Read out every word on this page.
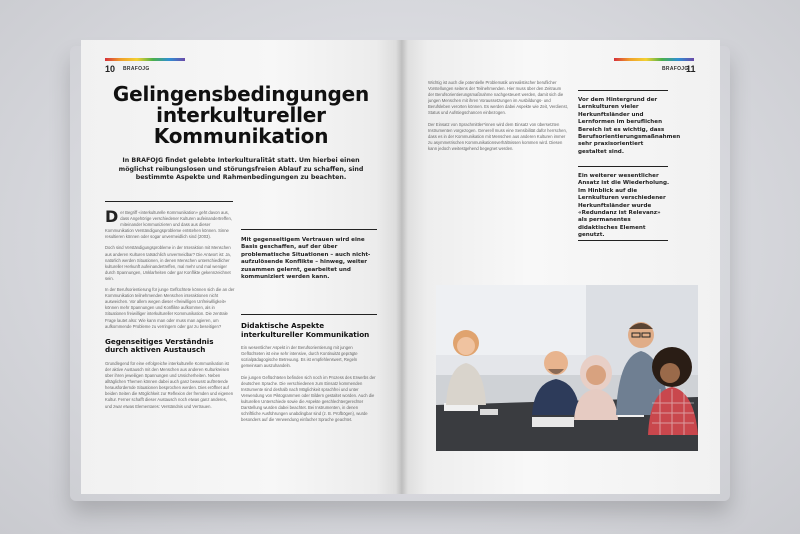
10 BRAFOJG
Gelingensbedingungen interkultureller Kommunikation
In BRAFOJG findet gelebte Interkulturalität statt. Um hierbei einen möglichst reibungslosen und störungsfreien Ablauf zu schaffen, sind bestimmte Aspekte und Rahmenbedingungen zu beachten.

Der Begriff «interkulturelle Kommunikation» geht davon aus, dass Angehörige verschiedener Kulturen aufeinandertreffen, miteinander kommunizieren und dass aus dieser Kommunikation Verständigungsprobleme entstehen können. Sinne resultieren können oder sogar unvermeidlich sind (2003).

Doch sind Verständigungsprobleme in der Interaktion mit Menschen aus anderen Kulturen tatsächlich unvermeidbar? Die Antwort ist: Ja, natürlich werden Situationen, in denen Menschen unterschiedlicher kultureller Herkunft aufeinandertreffen, mal mehr und mal weniger durch Spannungen, Unklarheiten oder gar Konflikte gekennzeichnet sein.

In der Berufsorientierung für junge Geflüchtete können sich die an der Kommunikation teilnehmenden Menschen interaktionen nicht ausweichen. Vor allem wegen dieser «freiwilligen Unfreiwilligkeit» können mehr Spannungen und Konflikte aufkommen, als in Situationen freiwilliger interkultureller Kommunikation. Die zentrale Frage lautet also: Wie kann man oder muss man agieren, um aufkommende Probleme zu verringern oder gar zu beseitigen?

Gegenseitiges Verständnis durch aktiven Austausch

Grundlegend für eine erfolgreiche interkulturelle Kommunikation ist der aktive Austausch mit den Menschen aus anderen Kulturkreisen über ihren jeweiligen Spannungen und Unsicherheiten. Neben alltäglichen Themen können dabei auch ganz bewusst auftretende herausfordernde Situationen besprochen werden. Dies eröffnet auf beiden Seiten die Möglichkeit zur Reflexion der fremden und eigenen Kultur. Ferner schafft dieser Austausch noch etwas ganz anderes, und zwar etwas Elementares: Verständnis und Vertrauen.

Mit gegenseitigem Vertrauen wird eine Basis geschaffen, auf der über problematische Situationen – auch nicht-aufzulösende Konflikte – hinweg, weiter zusammen gelernt, gearbeitet und kommuniziert werden kann.
Didaktische Aspekte interkultureller Kommunikation

Ein wesentlicher Aspekt in der Berufsorientierung mit jungen Geflüchteten ist eine sehr intensive, durch Kontinuität geprägte sozialpädagogische Betreuung. Es ist empfehlenswert, Regeln gemeinsam auszuhandeln.

Die jungen Geflüchteten befinden sich noch im Prozess des Erwerbs der deutschen Sprache. Die verschiedenen zum Einsatz kommenden Instrumente sind deshalb nach Möglichkeit sprachfrei und unter Verwendung von Piktogrammen oder Bildern gestaltet worden. Auch die kulturellen Unterschiede sowie die Aspekte geschlechtergerechter Darstellung wurden dabei beachtet. Bei Instrumenten, in denen schriftliche Ausführungen unabdingbar sind (z. B. Prüfbögen), wurde besonders auf die Verwendung einfacher Sprache geachtet.

BRAFOJG
11

Wichtig ist auch die potentielle Problematik unrealistischer beruflicher Vorstellungen seitens der Teilnehmenden. Hier muss über den Zeitraum der Berufsorientierungsmaßnahme nachgesteuert werden, damit sich die jungen Menschen mit ihren Voraussetzungen im Ausbildungs- und Berufsleben verorten können. Es werden dabei Aspekte wie Zeit, Verdienst, Status und Aufstiegschancen einbezogen.

Der Einsatz von Sprachmittler*innen wird dem Einsatz von übersetzten Instrumenten vorgezogen. Generell muss eine Sensibilität dafür herrschen, dass es in der Kommunikation mit Menschen aus anderen Kulturen immer zu asymmetrischen Kommunikationsverhältnissen kommen wird. Diesen kann jedoch weitestgehend begegnet werden.

Vor dem Hintergrund der Lernkulturen vieler Herkunftsländer und Lernformen im beruflichen Bereich ist es wichtig, dass Berufsorientierungsmaßnahmen sehr praxisorientiert gestaltet sind.
Ein weiterer wesentlicher Ansatz ist die Wiederholung. Im Hinblick auf die Lernkulturen verschiedener Herkunftsländer wurde «Redundanz ist Relevanz» als permanentes didaktisches Element genutzt.
